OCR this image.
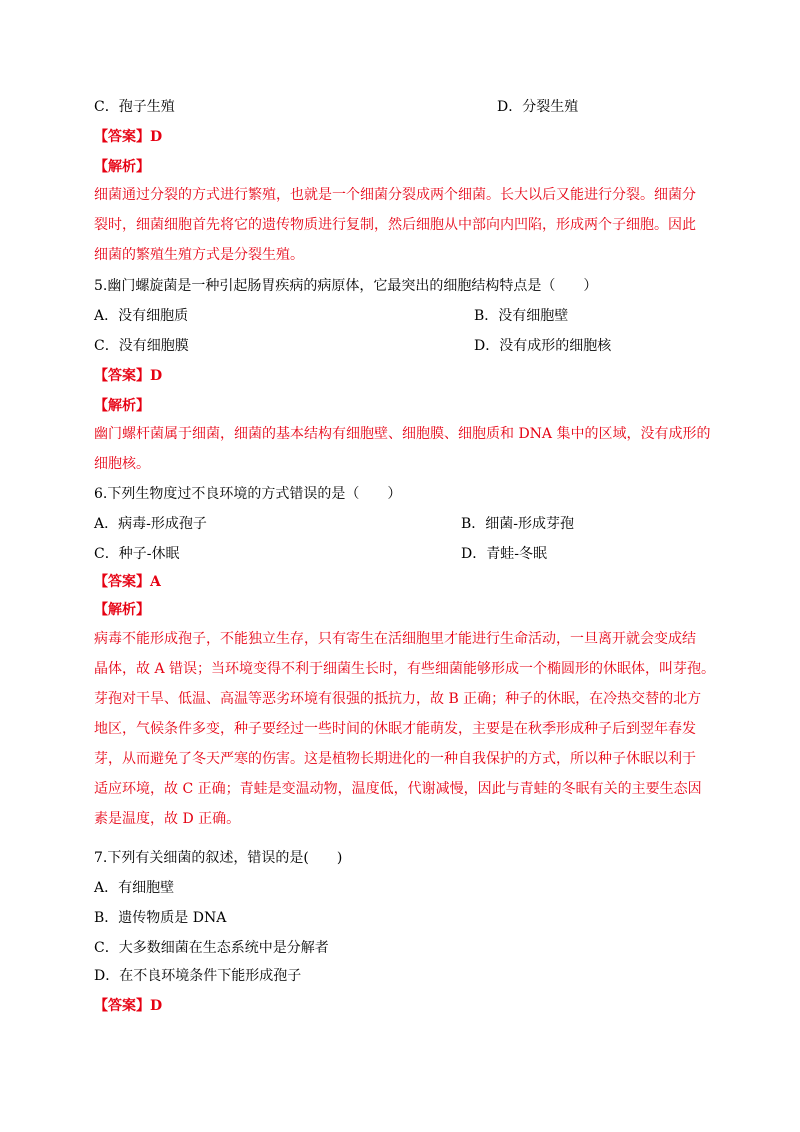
C．孢子生殖	D．分裂生殖
【答案】D
【解析】
细菌通过分裂的方式进行繁殖，也就是一个细菌分裂成两个细菌。长大以后又能进行分裂。细菌分
裂时，细菌细胞首先将它的遗传物质进行复制，然后细胞从中部向内凹陷，形成两个子细胞。因此
细菌的繁殖生殖方式是分裂生殖。
5.幽门螺旋菌是一种引起肠胃疾病的病原体，它最突出的细胞结构特点是（　　）
A．没有细胞质	B．没有细胞壁
C．没有细胞膜	D．没有成形的细胞核
【答案】D
【解析】
幽门螺杆菌属于细菌，细菌的基本结构有细胞壁、细胞膜、细胞质和 DNA 集中的区域，没有成形的
细胞核。
6.下列生物度过不良环境的方式错误的是（　　）
A．病毒-形成孢子	B．细菌-形成芽孢
C．种子-休眠	D．青蛙-冬眠
【答案】A
【解析】
病毒不能形成孢子，不能独立生存，只有寄生在活细胞里才能进行生命活动，一旦离开就会变成结
晶体，故 A 错误；当环境变得不利于细菌生长时，有些细菌能够形成一个椭圆形的休眠体，叫芽孢。
芽孢对干旱、低温、高温等恶劣环境有很强的抵抗力，故 B 正确；种子的休眠，在冷热交替的北方
地区，气候条件多变，种子要经过一些时间的休眠才能萌发，主要是在秋季形成种子后到翌年春发
芽，从而避免了冬天严寒的伤害。这是植物长期进化的一种自我保护的方式，所以种子休眠以利于
适应环境，故 C 正确；青蛙是变温动物，温度低，代谢减慢，因此与青蛙的冬眠有关的主要生态因
素是温度，故 D 正确。
7.下列有关细菌的叙述，错误的是(　　)
A．有细胞壁
B．遗传物质是 DNA
C．大多数细菌在生态系统中是分解者
D．在不良环境条件下能形成孢子
【答案】D
